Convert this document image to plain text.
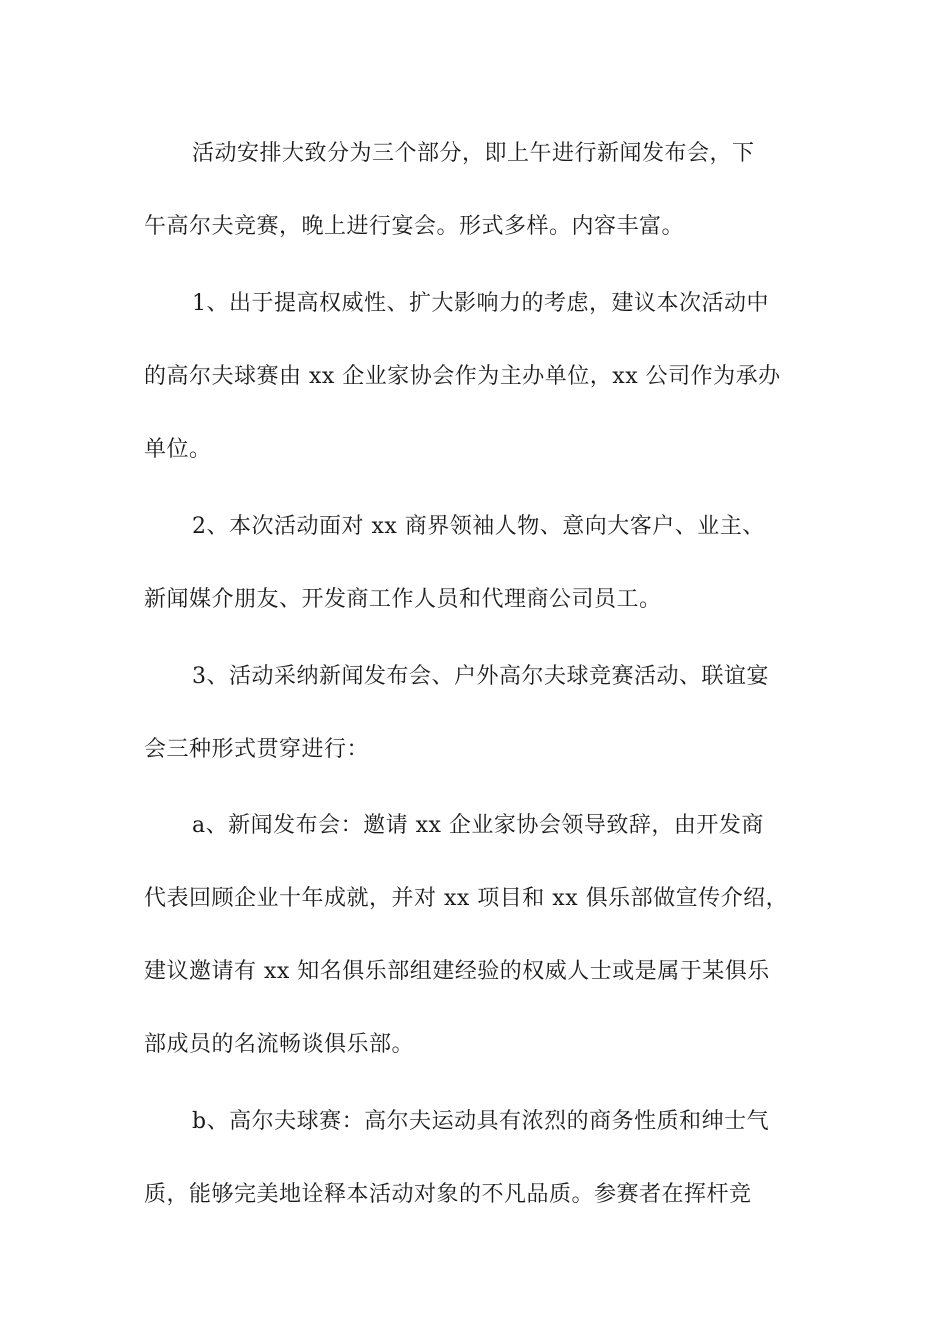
活动安排大致分为三个部分，即上午进行新闻发布会，下
午高尔夫竞赛，晚上进行宴会。形式多样。内容丰富。
1、出于提高权威性、扩大影响力的考虑，建议本次活动中
的高尔夫球赛由 xx 企业家协会作为主办单位，xx 公司作为承办
单位。
2、本次活动面对 xx 商界领袖人物、意向大客户、业主、
新闻媒介朋友、开发商工作人员和代理商公司员工。
3、活动采纳新闻发布会、户外高尔夫球竞赛活动、联谊宴
会三种形式贯穿进行：
a、新闻发布会：邀请 xx 企业家协会领导致辞，由开发商
代表回顾企业十年成就，并对 xx 项目和 xx 俱乐部做宣传介绍，
建议邀请有 xx 知名俱乐部组建经验的权威人士或是属于某俱乐
部成员的名流畅谈俱乐部。
b、高尔夫球赛：高尔夫运动具有浓烈的商务性质和绅士气
质，能够完美地诠释本活动对象的不凡品质。参赛者在挥杆竞
